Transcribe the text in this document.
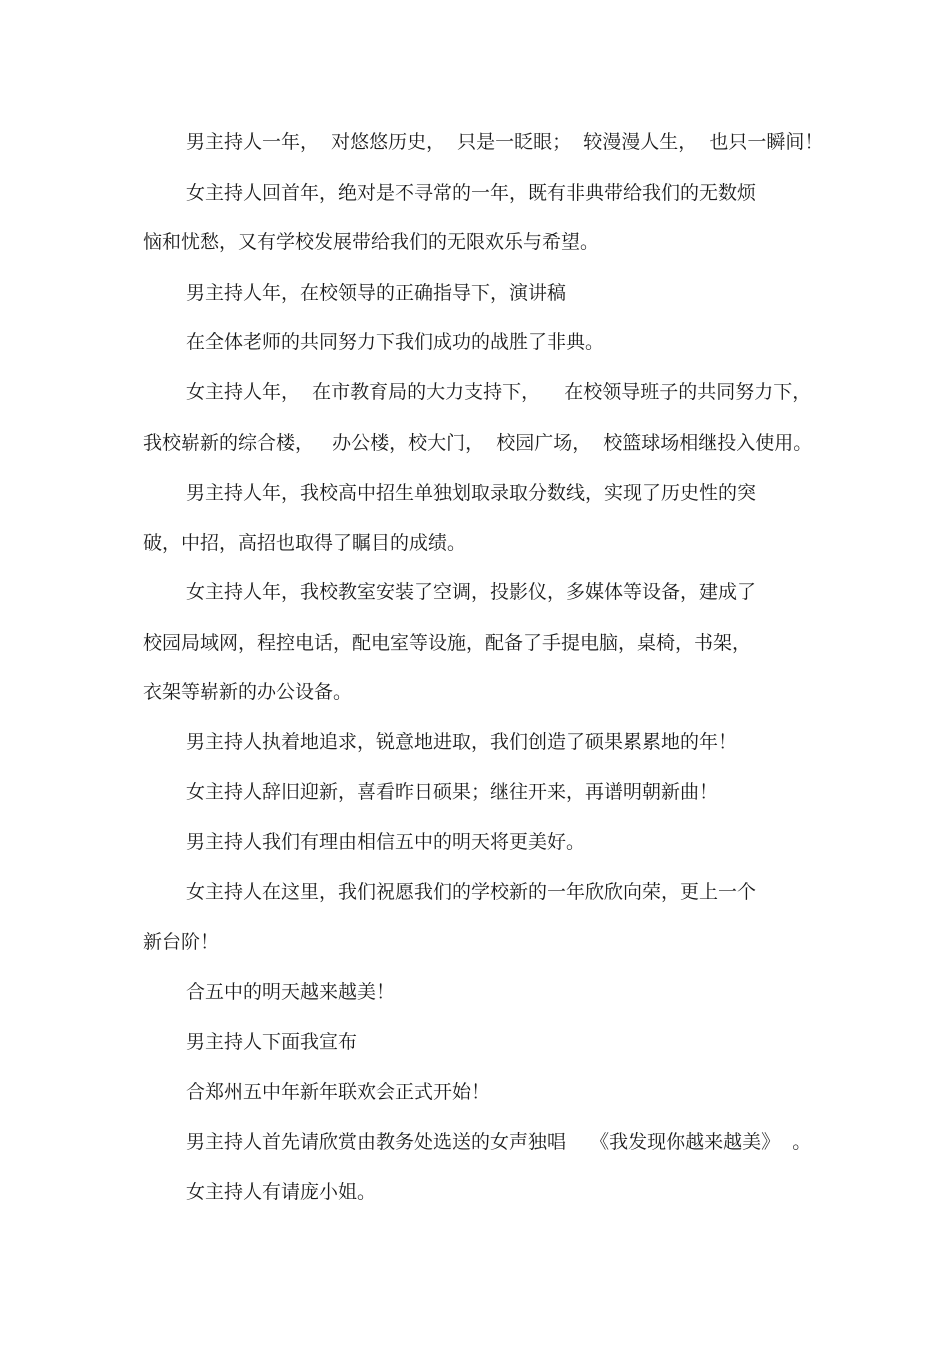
男主持人一年，  对悠悠历史，  只是一眨眼；  较漫漫人生，  也只一瞬间！
女主持人回首年，绝对是不寻常的一年，既有非典带给我们的无数烦
恼和忧愁，又有学校发展带给我们的无限欢乐与希望。
男主持人年，在校领导的正确指导下，演讲稿
在全体老师的共同努力下我们成功的战胜了非典。
女主持人年，  在市教育局的大力支持下，    在校领导班子的共同努力下，
我校崭新的综合楼，   办公楼，校大门，  校园广场，  校篮球场相继投入使用。
男主持人年，我校高中招生单独划取录取分数线，实现了历史性的突
破，中招，高招也取得了瞩目的成绩。
女主持人年，我校教室安装了空调，投影仪，多媒体等设备，建成了
校园局域网，程控电话，配电室等设施，配备了手提电脑，桌椅，书架，
衣架等崭新的办公设备。
男主持人执着地追求，锐意地进取，我们创造了硕果累累地的年！
女主持人辞旧迎新，喜看昨日硕果；继往开来，再谱明朝新曲！
男主持人我们有理由相信五中的明天将更美好。
女主持人在这里，我们祝愿我们的学校新的一年欣欣向荣，更上一个
新台阶！
合五中的明天越来越美！
男主持人下面我宣布
合郑州五中年新年联欢会正式开始！
男主持人首先请欣赏由教务处选送的女声独唱    《我发现你越来越美》  。
女主持人有请庞小姐。
